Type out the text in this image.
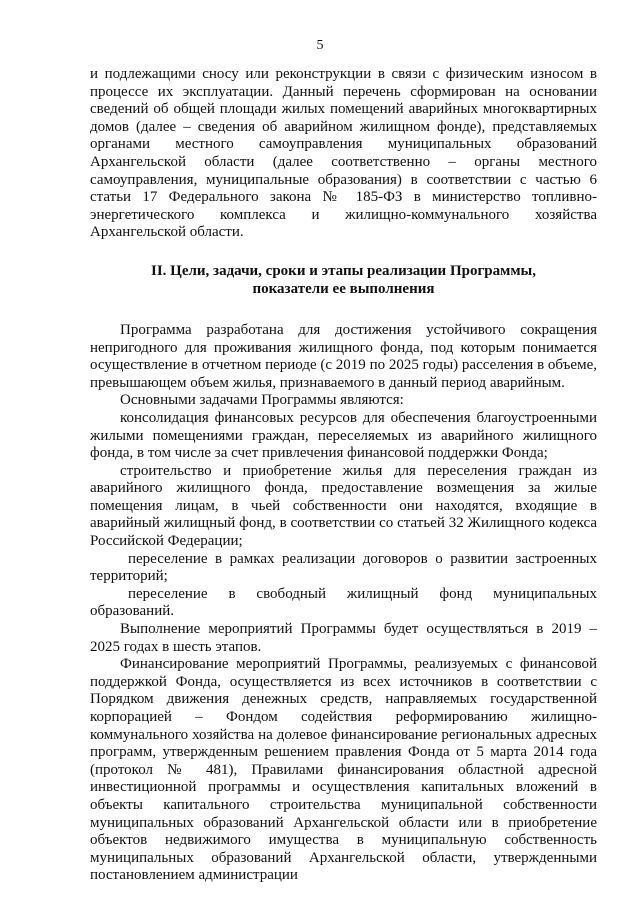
5

и подлежащими сносу или реконструкции в связи с физическим износом в процессе их эксплуатации. Данный перечень сформирован на основании сведений об общей площади жилых помещений аварийных многоквартирных домов (далее – сведения об аварийном жилищном фонде), представляемых органами местного самоуправления муниципальных образований Архангельской области (далее соответственно – органы местного самоуправления, муниципальные образования) в соответствии с частью 6 статьи 17 Федерального закона № 185-ФЗ в министерство топливно-энергетического комплекса и жилищно-коммунального хозяйства Архангельской области.

II. Цели, задачи, сроки и этапы реализации Программы,
показатели ее выполнения

Программа разработана для достижения устойчивого сокращения непригодного для проживания жилищного фонда, под которым понимается осуществление в отчетном периоде (с 2019 по 2025 годы) расселения в объеме, превышающем объем жилья, признаваемого в данный период аварийным.

Основными задачами Программы являются:

консолидация финансовых ресурсов для обеспечения благоустроенными жилыми помещениями граждан, переселяемых из аварийного жилищного фонда, в том числе за счет привлечения финансовой поддержки Фонда;

строительство и приобретение жилья для переселения граждан из аварийного жилищного фонда, предоставление возмещения за жилые помещения лицам, в чьей собственности они находятся, входящие в аварийный жилищный фонд, в соответствии со статьей 32 Жилищного кодекса Российской Федерации;

переселение в рамках реализации договоров о развитии застроенных территорий;

переселение в свободный жилищный фонд муниципальных образований.

Выполнение мероприятий Программы будет осуществляться в 2019 – 2025 годах в шесть этапов.

Финансирование мероприятий Программы, реализуемых с финансовой поддержкой Фонда, осуществляется из всех источников в соответствии с Порядком движения денежных средств, направляемых государственной корпорацией – Фондом содействия реформированию жилищно-коммунального хозяйства на долевое финансирование региональных адресных программ, утвержденным решением правления Фонда от 5 марта 2014 года (протокол № 481), Правилами финансирования областной адресной инвестиционной программы и осуществления капитальных вложений в объекты капитального строительства муниципальной собственности муниципальных образований Архангельской области или в приобретение объектов недвижимого имущества в муниципальную собственность муниципальных образований Архангельской области, утвержденными постановлением администрации
